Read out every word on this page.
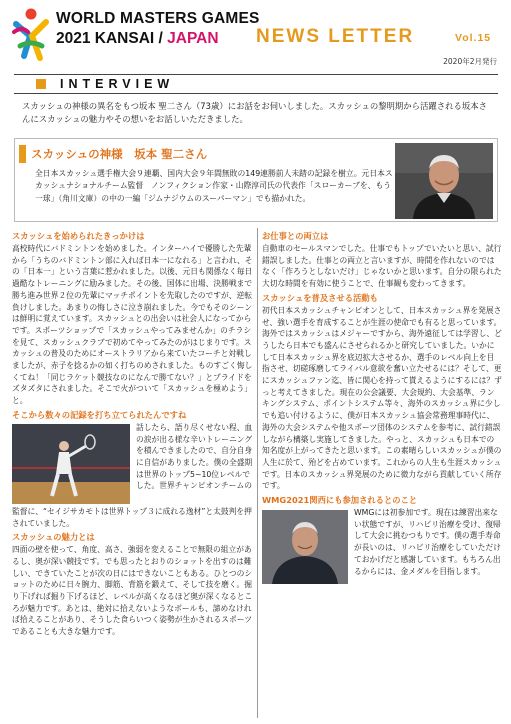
WORLD MASTERS GAMES
2021 KANSAI / JAPAN NEWS LETTER	Vol.15
2020年2月発行
INTERVIEW
スカッシュの神様の異名をもつ坂本 聖二さん（73歳）にお話をお伺いしました。スカッシュの黎明期から活躍される坂本さんにスカッシュの魅力やその想いをお話しいただきました。
スカッシュの神様　坂本 聖二さん
全日本スカッシュ選手権大会９連覇、国内大会９年間無敗の149連勝前人未踏の記録を樹立。元日本スカッシュナショナルチーム監督　ノンフィクション作家・山際淳司氏の代表作「スローカーブを、もう一球」（角川文庫）の中の一編「ジムナジウムのスーパーマン」でも描かれた。
スカッシュを始められたきっかけは

高校時代にバドミントンを始めました。インターハイで優勝した先輩から「うちのバドミントン部に入れば日本一になれる」と言われ、その「日本一」という言葉に惹かれました。以後、元日も関係なく毎日過酷なトレーニングに励みました。その後、国体に出場、決勝戦まで勝ち進み世界２位の先輩にマッチポイントを先取したのですが、逆転負けしました。あまりの悔しさに泣き崩れました。今でもそのシーンは鮮明に覚えています。スカッシュとの出会いは社会人になってからです。スポーツショップで「スカッシュやってみませんか」のチラシを見て、スカッシュクラブで初めてやってみたのがはじまりです。スカッシュの普及のためにオーストラリアから来ていたコーチと対戦しましたが、赤子を捻るかの如く打ちのめされました。ものすごく悔しくてね！「同じラケット競技なのになんで勝てない？」とプライドをズタズタにされました。そこで火がついて「スカッシュを極めよう」と。

そこから数々の記録を打ち立てられたんですね

話したら、語り尽くせない程、血の涙が出る様な辛いトレーニングを積んできましたので、自分自身に自信がありました。僕の全盛期は世界のトップ5~10位レベルでした。世界チャンピオンチームの

監督に、“セイジサカモトは世界トップ３に成れる逸材”と太鼓判を押されていました。

スカッシュの魅力とは

四面の壁を使って、角度、高さ、強弱を変えることで無限の組立があるし、奥が深い競技です。でも思ったとおりのショットを出すのは難しい、できていたことが次の日にはできないこともある。ひとつのショットのために日々腕力、脚筋、背筋を鍛えて、そして技を磨く。掘り下げれば掘り下げるほど、レベルが高くなるほど奥が深くなるところが魅力です。あとは、絶対に拾えないようなボールも、諦めなければ拾えることがあり、そうした食らいつく姿勢が生かされるスポーツであることも大きな魅力です。

お仕事との両立は

自動車のセールスマンでした。仕事でもトップでいたいと思い、試行錯誤しました。仕事との両立と言いますが、時間を作れないのではなく「作ろうとしないだけ」じゃないかと思います。自分の限られた大切な時間を有効に使うことで、仕事観も変わってきます。

スカッシュを普及させる活動も

初代日本スカッシュチャンピオンとして、日本スカッシュ界を発展させ、強い選手を育成することが生涯の使命でも有ると思っています。海外ではスカッシュはメジャーですから、海外遠征しては学習し、どうしたら日本でも盛んにさせられるかと研究していました。いかにして日本スカッシュ界を底辺拡大させるか、選手のレベル向上を目指させ、切磋琢磨してライバル意欲を奮い立たせるには？そして、更にスカッシュファン迄、皆に関心を持って貰えるようにするには？ずっと考えてきました。現在の公会議要、大会規約、大会基準、ランキングシステム、ポイントシステム等々、海外のスカッシュ界に少しでも追い付けるように、僕が日本スカッシュ協会常務理事時代に、海外の大会システムや他スポーツ団体のシステムを参考に、試行錯誤しながら構築し実施してきました。やっと、スカッシュも日本での知名度が上がってきたと思います。この素晴らしいスカッシュが僕の人生に於て、殆どを占めています。これからの人生も生涯スカッシュです。日本のスカッシュ界発展のために微力ながら貢献していく所存です。

WMG2021関西にも参加されるとのこと

WMGには初参加です。現在は練習出来ない状態ですが、リハビリ治療を受け、復帰して大会に挑むつもりです。僕の選手寿命が長いのは、リハビリ治療をしていただけておかげだと感謝しています。もちろん出るからには、金メダルを目指します。
